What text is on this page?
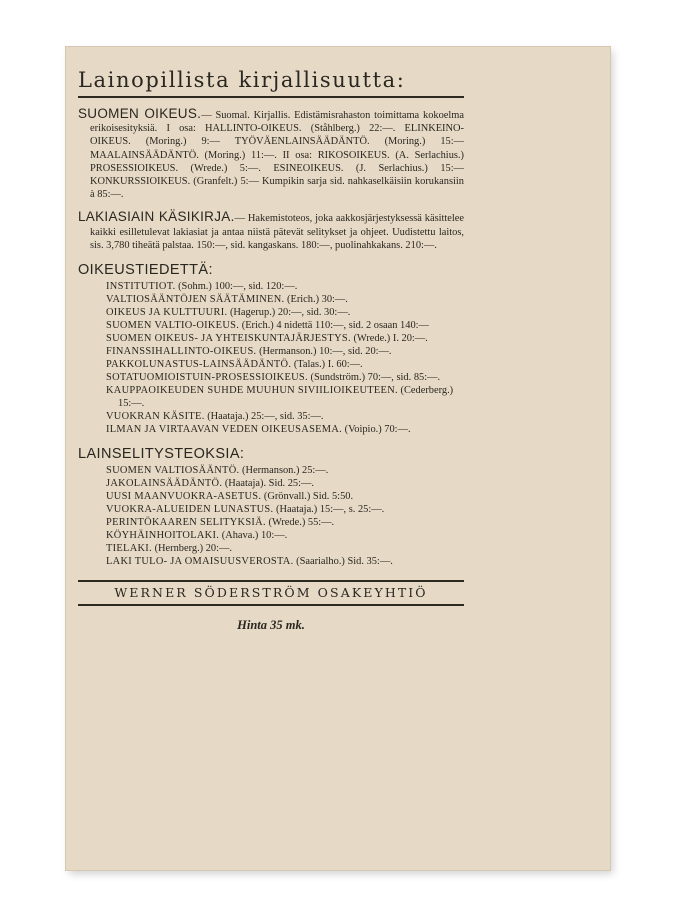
Lainopillista kirjallisuutta:
SUOMEN OIKEUS.— Suomal. Kirjallis. Edistämisrahaston toimittama kokoelma erikoisesityksiä. I osa: HALLINTO-OIKEUS. (Ståhlberg.) 22:—. ELINKEINO-OIKEUS. (Moring.) 9:— TYÖVÄENLAINSÄÄDÄNTÖ. (Moring.) 15:— MAALAINSÄÄDÄNTÖ. (Moring.) 11:—. II osa: RIKOSOIKEUS. (A. Serlachius.) PROSESSIOIKEUS. (Wrede.) 5:—. ESINEOIKEUS. (J. Serlachius.) 15:— KONKURSSIOIKEUS. (Granfelt.) 5:— Kumpikin sarja sid. nahkaselkäisiin korukansiin à 85:—.
LAKIASIAIN KÄSIKIRJA.— Hakemistoteos, joka aakkosjärjestyksessä käsittelee kaikki esilletulevat lakiasiat ja antaa niistä pätevät selitykset ja ohjeet. Uudistettu laitos, sis. 3,780 tiheätä palstaa. 150:—, sid. kangaskans. 180:—, puolinahkakans. 210:—.
OIKEUSTIEDETTÄ:
INSTITUTIOT. (Sohm.) 100:—, sid. 120:—.
VALTIOSÄÄNTÖJEN SÄÄTÄMINEN. (Erich.) 30:—.
OIKEUS JA KULTTUURI. (Hagerup.) 20:—, sid. 30:—.
SUOMEN VALTIO-OIKEUS. (Erich.) 4 nidettä 110:—, sid. 2 osaan 140:—
SUOMEN OIKEUS- JA YHTEISKUNTAJÄRJESTYS. (Wrede.) I. 20:—.
FINANSSIHALLINTO-OIKEUS. (Hermanson.) 10:—, sid. 20:—.
PAKKOLUNASTUS-LAINSÄÄDÄNTÖ. (Talas.) I. 60:—.
SOTATUOMIOISTUIN-PROSESSIOIKEUS. (Sundström.) 70:—, sid. 85:—.
KAUPPAOIKEUDEN SUHDE MUUHUN SIVIILIOIKEUTEEN. (Cederberg.) 15:—.
VUOKRAN KÄSITE. (Haataja.) 25:—, sid. 35:—.
ILMAN JA VIRTAAVAN VEDEN OIKEUSASEMA. (Voipio.) 70:—.
LAINSELITYSTEOKSIA:
SUOMEN VALTIOSÄÄNTÖ. (Hermanson.) 25:—.
JAKOLAINSÄÄDÄNTÖ. (Haataja). Sid. 25:—.
UUSI MAANVUOKRA-ASETUS. (Grönvall.) Sid. 5:50.
VUOKRA-ALUEIDEN LUNASTUS. (Haataja.) 15:—, s. 25:—.
PERINTÖKAAREN SELITYKSIÄ. (Wrede.) 55:—.
KÖYHÄINHOITOLAKI. (Ahava.) 10:—.
TIELAKI. (Hernberg.) 20:—.
LAKI TULO- JA OMAISUUSVEROSTA. (Saarialho.) Sid. 35:—.
WERNER SÖDERSTRÖM OSAKEYHTIÖ
Hinta 35 mk.
